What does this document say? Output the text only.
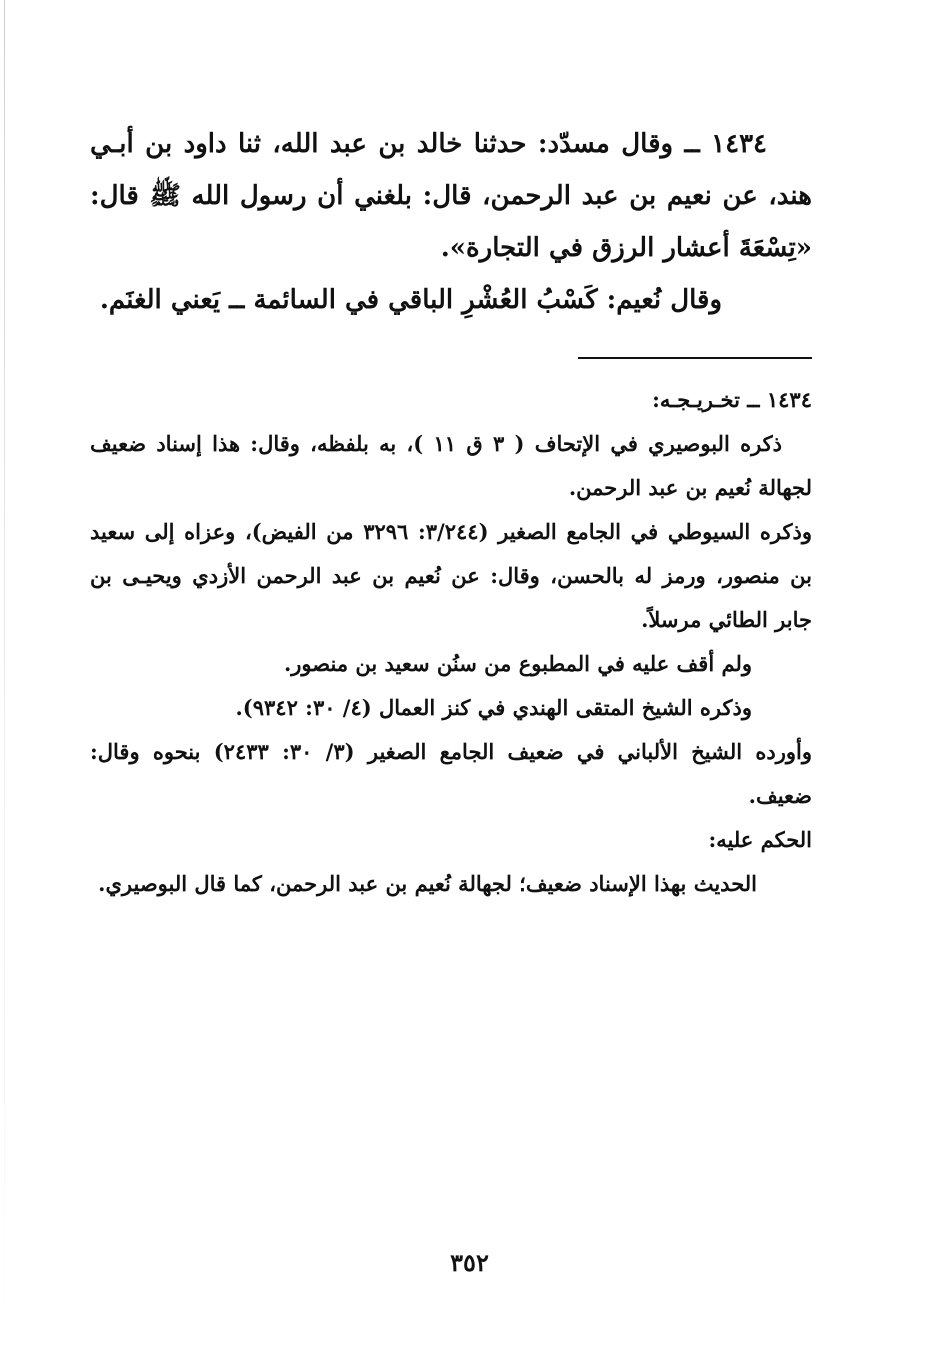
١٤٣٤ ــ وقال مسدّد: حدثنا خالد بن عبد الله، ثنا داود بن أبـي هند، عن نعيم بن عبد الرحمن، قال: بلغني أن رسول الله ﷺ قال: «تِسْعَةَ أعشار الرزق في التجارة».

وقال نُعيم: كَسْبُ العُشْرِ الباقي في السائمة ــ يَعني الغنَم.

١٤٣٤ ــ تخـريـجـه:

ذكره البوصيري في الإتحاف ( ٣ ق ١١ )، به بلفظه، وقال: هذا إسناد ضعيف لجهالة نُعيم بن عبد الرحمن.

وذكره السيوطي في الجامع الصغير (٣/٢٤٤: ٣٢٩٦ من الفيض)، وعزاه إلى سعيد بن منصور، ورمز له بالحسن، وقال: عن نُعيم بن عبد الرحمن الأزدي ويحيـى بن جابر الطائي مرسلاً.

ولم أقف عليه في المطبوع من سنُن سعيد بن منصور.

وذكره الشيخ المتقى الهندي في كنز العمال (٤/ ٣٠: ٩٣٤٢).

وأورده الشيخ الألباني في ضعيف الجامع الصغير (٣/ ٣٠: ٢٤٣٣) بنحوه وقال: ضعيف.

الحكم عليه:

الحديث بهذا الإسناد ضعيف؛ لجهالة نُعيم بن عبد الرحمن، كما قال البوصيري.

٣٥٢
